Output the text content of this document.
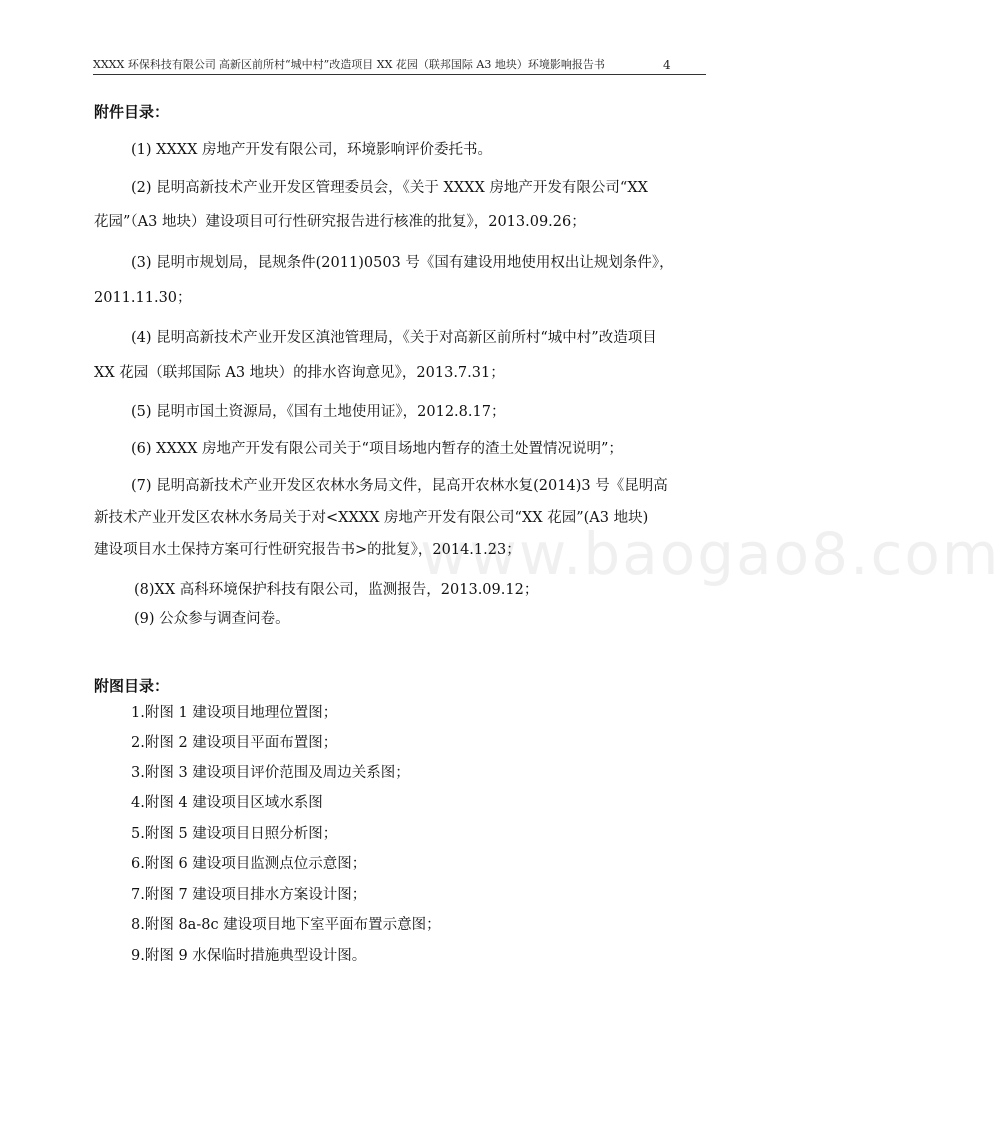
XXXX 环保科技有限公司 高新区前所村“城中村”改造项目 XX 花园（联邦国际 A3 地块）环境影响报告书	4
附件目录：
(1) XXXX 房地产开发有限公司，环境影响评价委托书。
(2) 昆明高新技术产业开发区管理委员会，《关于 XXXX 房地产开发有限公司“XX
花园”（A3 地块）建设项目可行性研究报告进行核准的批复》，2013.09.26；
(3) 昆明市规划局，昆规条件(2011)0503 号《国有建设用地使用权出让规划条件》，
2011.11.30；
(4) 昆明高新技术产业开发区滇池管理局，《关于对高新区前所村“城中村”改造项目
XX 花园（联邦国际 A3 地块）的排水咨询意见》，2013.7.31；
(5) 昆明市国土资源局，《国有土地使用证》，2012.8.17；
(6) XXXX 房地产开发有限公司关于“项目场地内暂存的渣土处置情况说明”；
(7) 昆明高新技术产业开发区农林水务局文件，昆高开农林水复(2014)3 号《昆明高
新技术产业开发区农林水务局关于对<XXXX 房地产开发有限公司“XX 花园”(A3 地块)
建设项目水土保持方案可行性研究报告书>的批复》，2014.1.23；
(8)XX 高科环境保护科技有限公司，监测报告，2013.09.12；
(9) 公众参与调查问卷。
附图目录：
1.附图 1 建设项目地理位置图；
2.附图 2 建设项目平面布置图；
3.附图 3 建设项目评价范围及周边关系图；
4.附图 4 建设项目区域水系图
5.附图 5 建设项目日照分析图；
6.附图 6 建设项目监测点位示意图；
7.附图 7 建设项目排水方案设计图；
8.附图 8a-8c 建设项目地下室平面布置示意图；
9.附图 9 水保临时措施典型设计图。
www.baogao8.com
